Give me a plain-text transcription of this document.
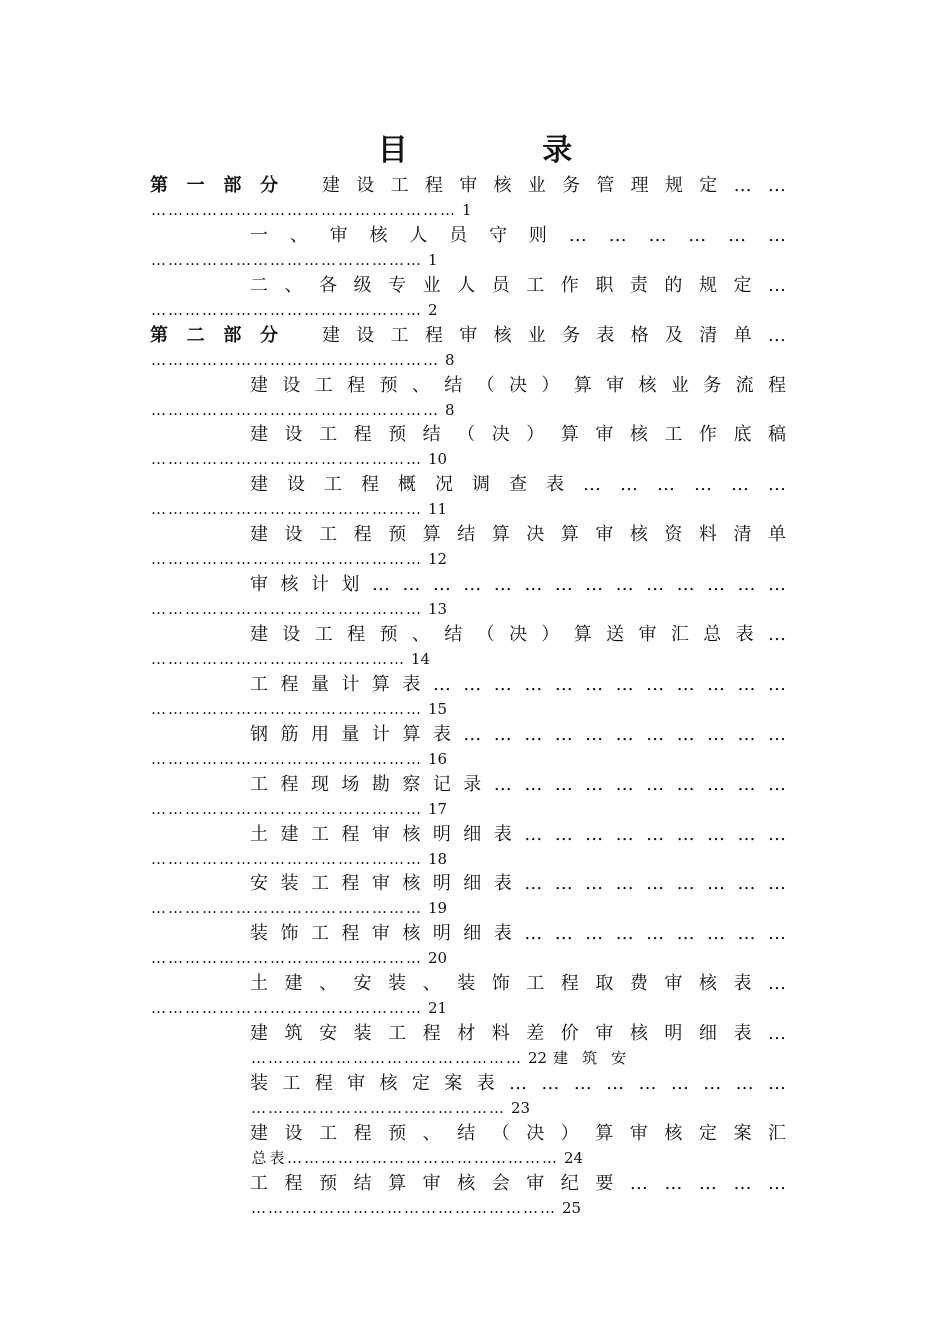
目 录
第 一 部 分 建 设 工 程 审 核 业 务 管 理 规 定 … …
… … … … … … … … … … … … … … … … … … 1
一 、 审 核 人 员 守 则 … … … … … …
… … … … … … … … … … … … … … … … 1
二 、 各 级 专 业 人 员 工 作 职 责 的 规 定 …
… … … … … … … … … … … … … … … … 2
第 二 部 分 建 设 工 程 审 核 业 务 表 格 及 清 单 …
… … … … … … … … … … … … … … … … … 8
建 设 工 程 预 、 结 （ 决 ） 算 审 核 业 务 流 程
… … … … … … … … … … … … … … … … … 8
建 设 工 程 预 结 （ 决 ） 算 审 核 工 作 底 稿
… … … … … … … … … … … … … … … … 10
建 设 工 程 概 况 调 查 表 … … … … … …
… … … … … … … … … … … … … … … … 11
建 设 工 程 预 算 结 算 决 算 审 核 资 料 清 单
… … … … … … … … … … … … … … … … 12
审 核 计 划 … … … … … … … … … … … … … …
… … … … … … … … … … … … … … … … 13
建 设 工 程 预 、 结 （ 决 ） 算 送 审 汇 总 表 …
… … … … … … … … … … … … … … … 14
工 程 量 计 算 表 … … … … … … … … … … … …
… … … … … … … … … … … … … … … … 15
钢 筋 用 量 计 算 表 … … … … … … … … … … …
… … … … … … … … … … … … … … … … 16
工 程 现 场 勘 察 记 录 … … … … … … … … … …
… … … … … … … … … … … … … … … … 17
土 建 工 程 审 核 明 细 表 … … … … … … … … …
… … … … … … … … … … … … … … … … 18
安 装 工 程 审 核 明 细 表 … … … … … … … … …
… … … … … … … … … … … … … … … … 19
装 饰 工 程 审 核 明 细 表 … … … … … … … … …
… … … … … … … … … … … … … … … … 20
土 建 、 安 装 、 装 饰 工 程 取 费 审 核 表 …
… … … … … … … … … … … … … … … … 21
建 筑 安 装 工 程 材 料 差 价 审 核 明 细 表 …
… … … … … … … … … … … … … … … … 22 建筑安
装 工 程 审 核 定 案 表 … … … … … … … … …
… … … … … … … … … … … … … … … 23
建 设 工 程 预 、 结 （ 决 ） 算 审 核 定 案 汇
总 表 … … … … … … … … … … … … … … … … 24
工 程 预 结 算 审 核 会 审 纪 要 … … … … …
… … … … … … … … … … … … … … … … … … 25
